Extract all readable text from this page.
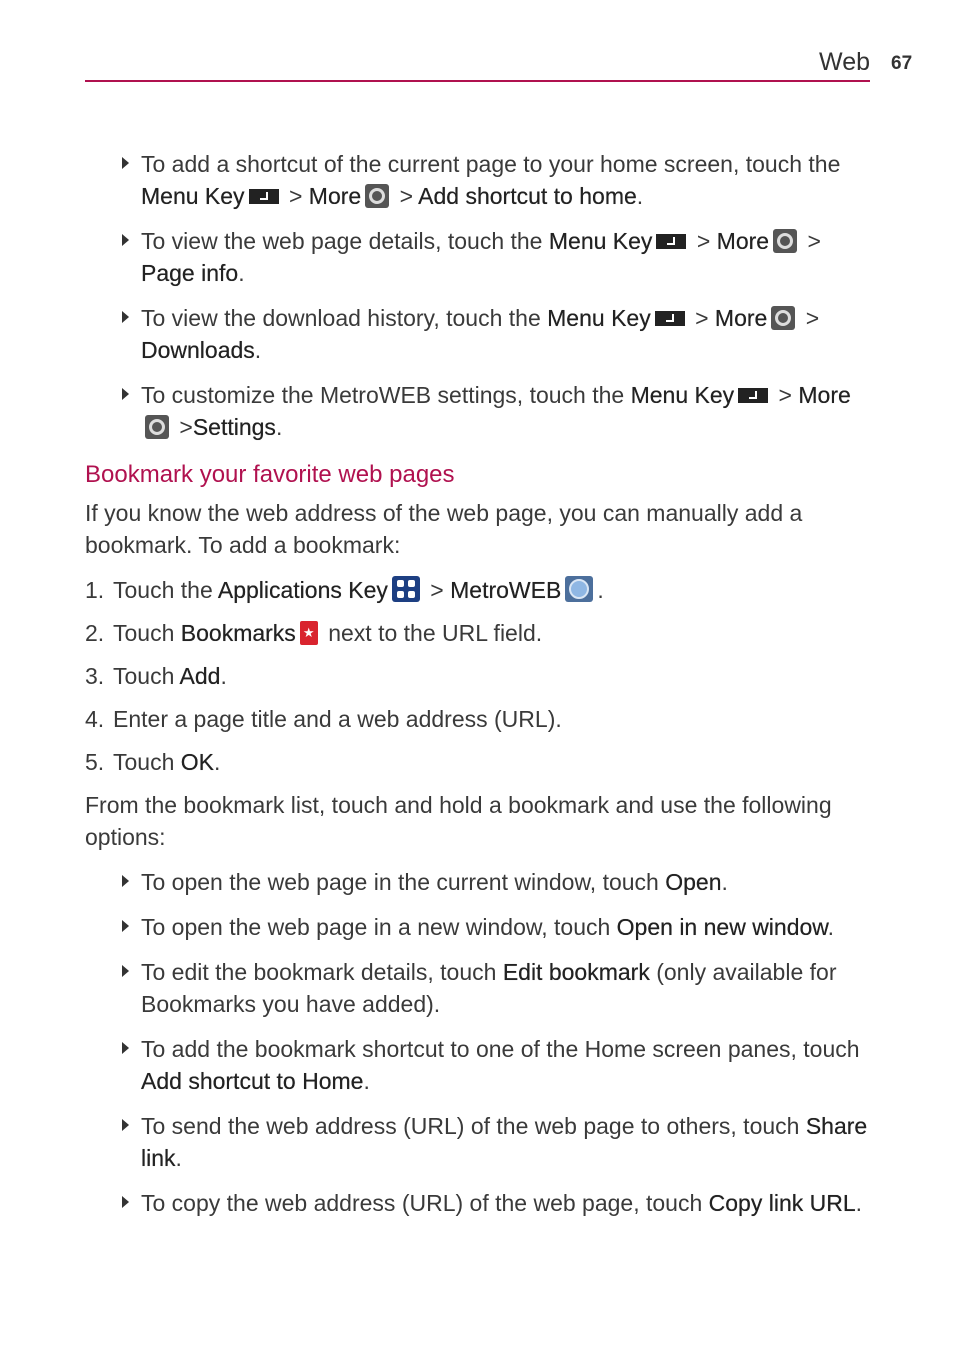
Web 67
To add a shortcut of the current page to your home screen, touch the Menu Key > More > Add shortcut to home.
To view the web page details, touch the Menu Key > More > Page info.
To view the download history, touch the Menu Key > More > Downloads.
To customize the MetroWEB settings, touch the Menu Key > More >Settings.
Bookmark your favorite web pages

If you know the web address of the web page, you can manually add a bookmark. To add a bookmark:

1. Touch the Applications Key > MetroWEB .
2. Touch Bookmarks★ next to the URL field.
3. Touch Add.
4. Enter a page title and a web address (URL).
5. Touch OK.

From the bookmark list, touch and hold a bookmark and use the following options:

To open the web page in the current window, touch Open.
To open the web page in a new window, touch Open in new window.
To edit the bookmark details, touch Edit bookmark (only available for Bookmarks you have added).
To add the bookmark shortcut to one of the Home screen panes, touch Add shortcut to Home.
To send the web address (URL) of the web page to others, touch Share link.
To copy the web address (URL) of the web page, touch Copy link URL.
